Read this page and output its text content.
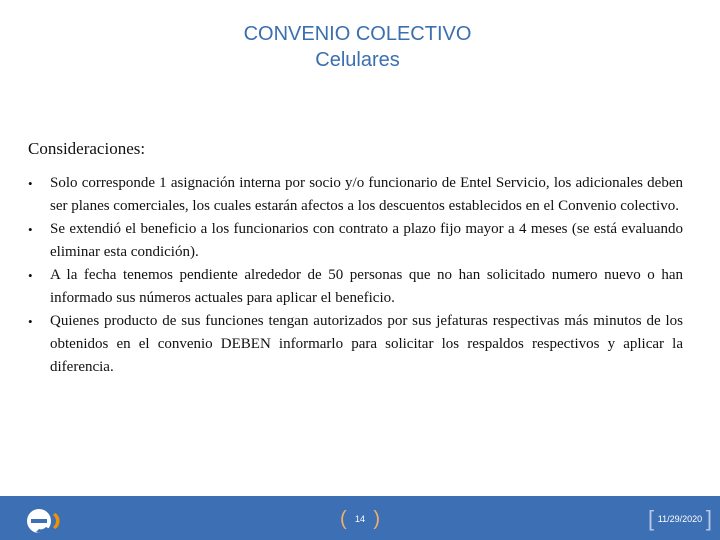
CONVENIO COLECTIVO
Celulares
Consideraciones:
• Solo corresponde 1 asignación interna por socio y/o funcionario de Entel Servicio, los adicionales deben ser planes comerciales, los cuales estarán afectos a los descuentos establecidos en el Convenio colectivo.
• Se extendió el beneficio a los funcionarios con contrato a plazo fijo mayor a 4 meses (se está evaluando eliminar esta condición).
• A la fecha tenemos pendiente alrededor de 50 personas que no han solicitado numero nuevo o han informado sus números actuales para aplicar el beneficio.
• Quienes producto de sus funciones tengan autorizados por sus jefaturas respectivas más minutos de los obtenidos en el convenio DEBEN informarlo para solicitar los respaldos respectivos y aplicar la diferencia.
( 14 )	[ 11/29/2020 ]
